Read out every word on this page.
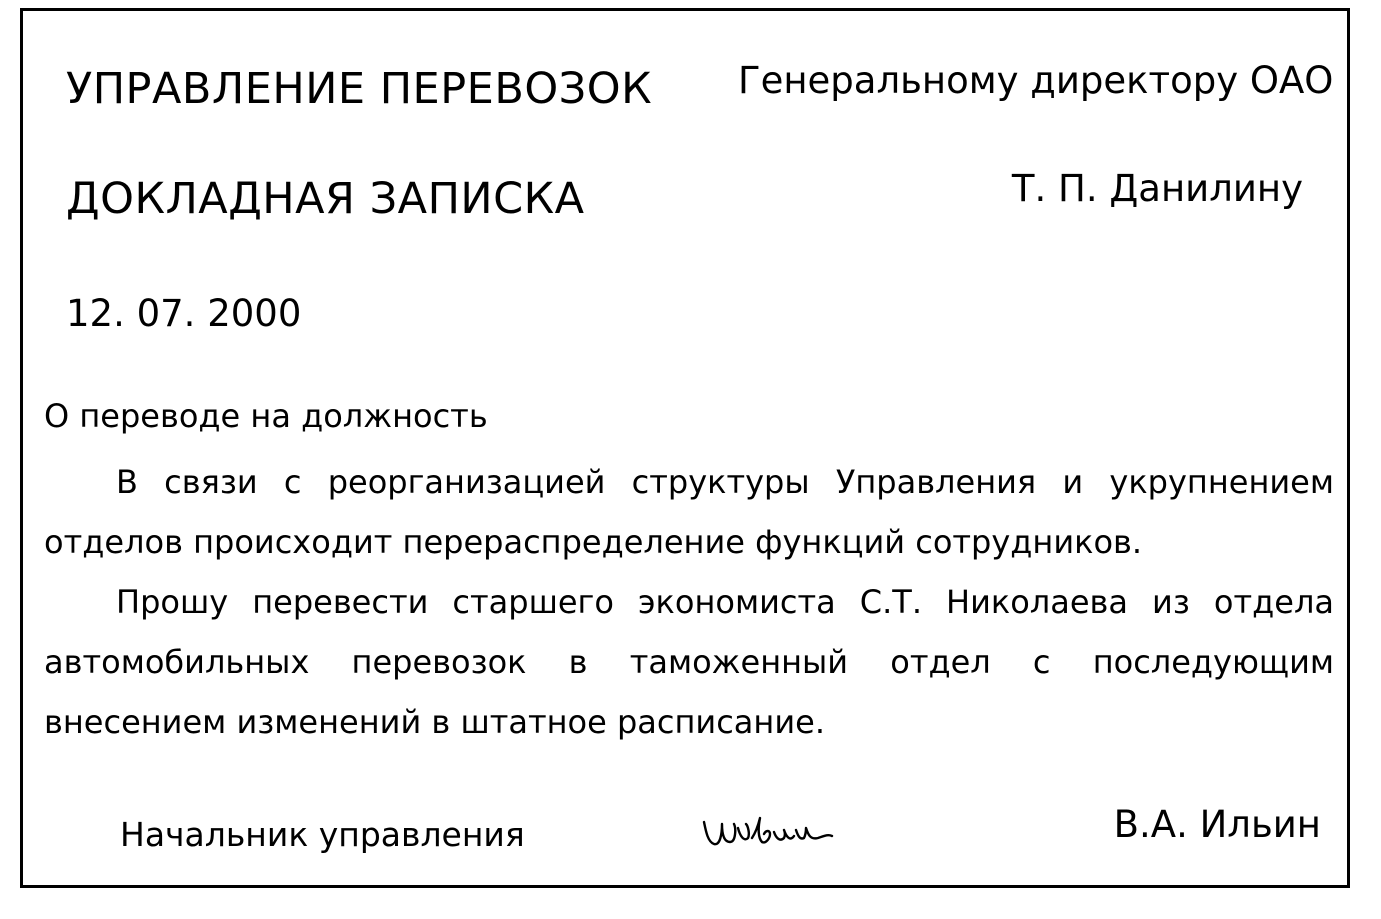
УПРАВЛЕНИЕ ПЕРЕВОЗОК Генеральному директору ОАО
ДОКЛАДНАЯ ЗАПИСКА	Т. П. Данилину
12. 07. 2000
О переводе на должность

В связи с реорганизацией структуры Управления и укрупнением отделов происходит перераспределение функций сотрудников.

Прошу перевести старшего экономиста С.Т. Николаева из отдела автомобильных перевозок в таможенный отдел с последующим внесением изменений в штатное расписание.

Начальник управления	В.А. Ильин
